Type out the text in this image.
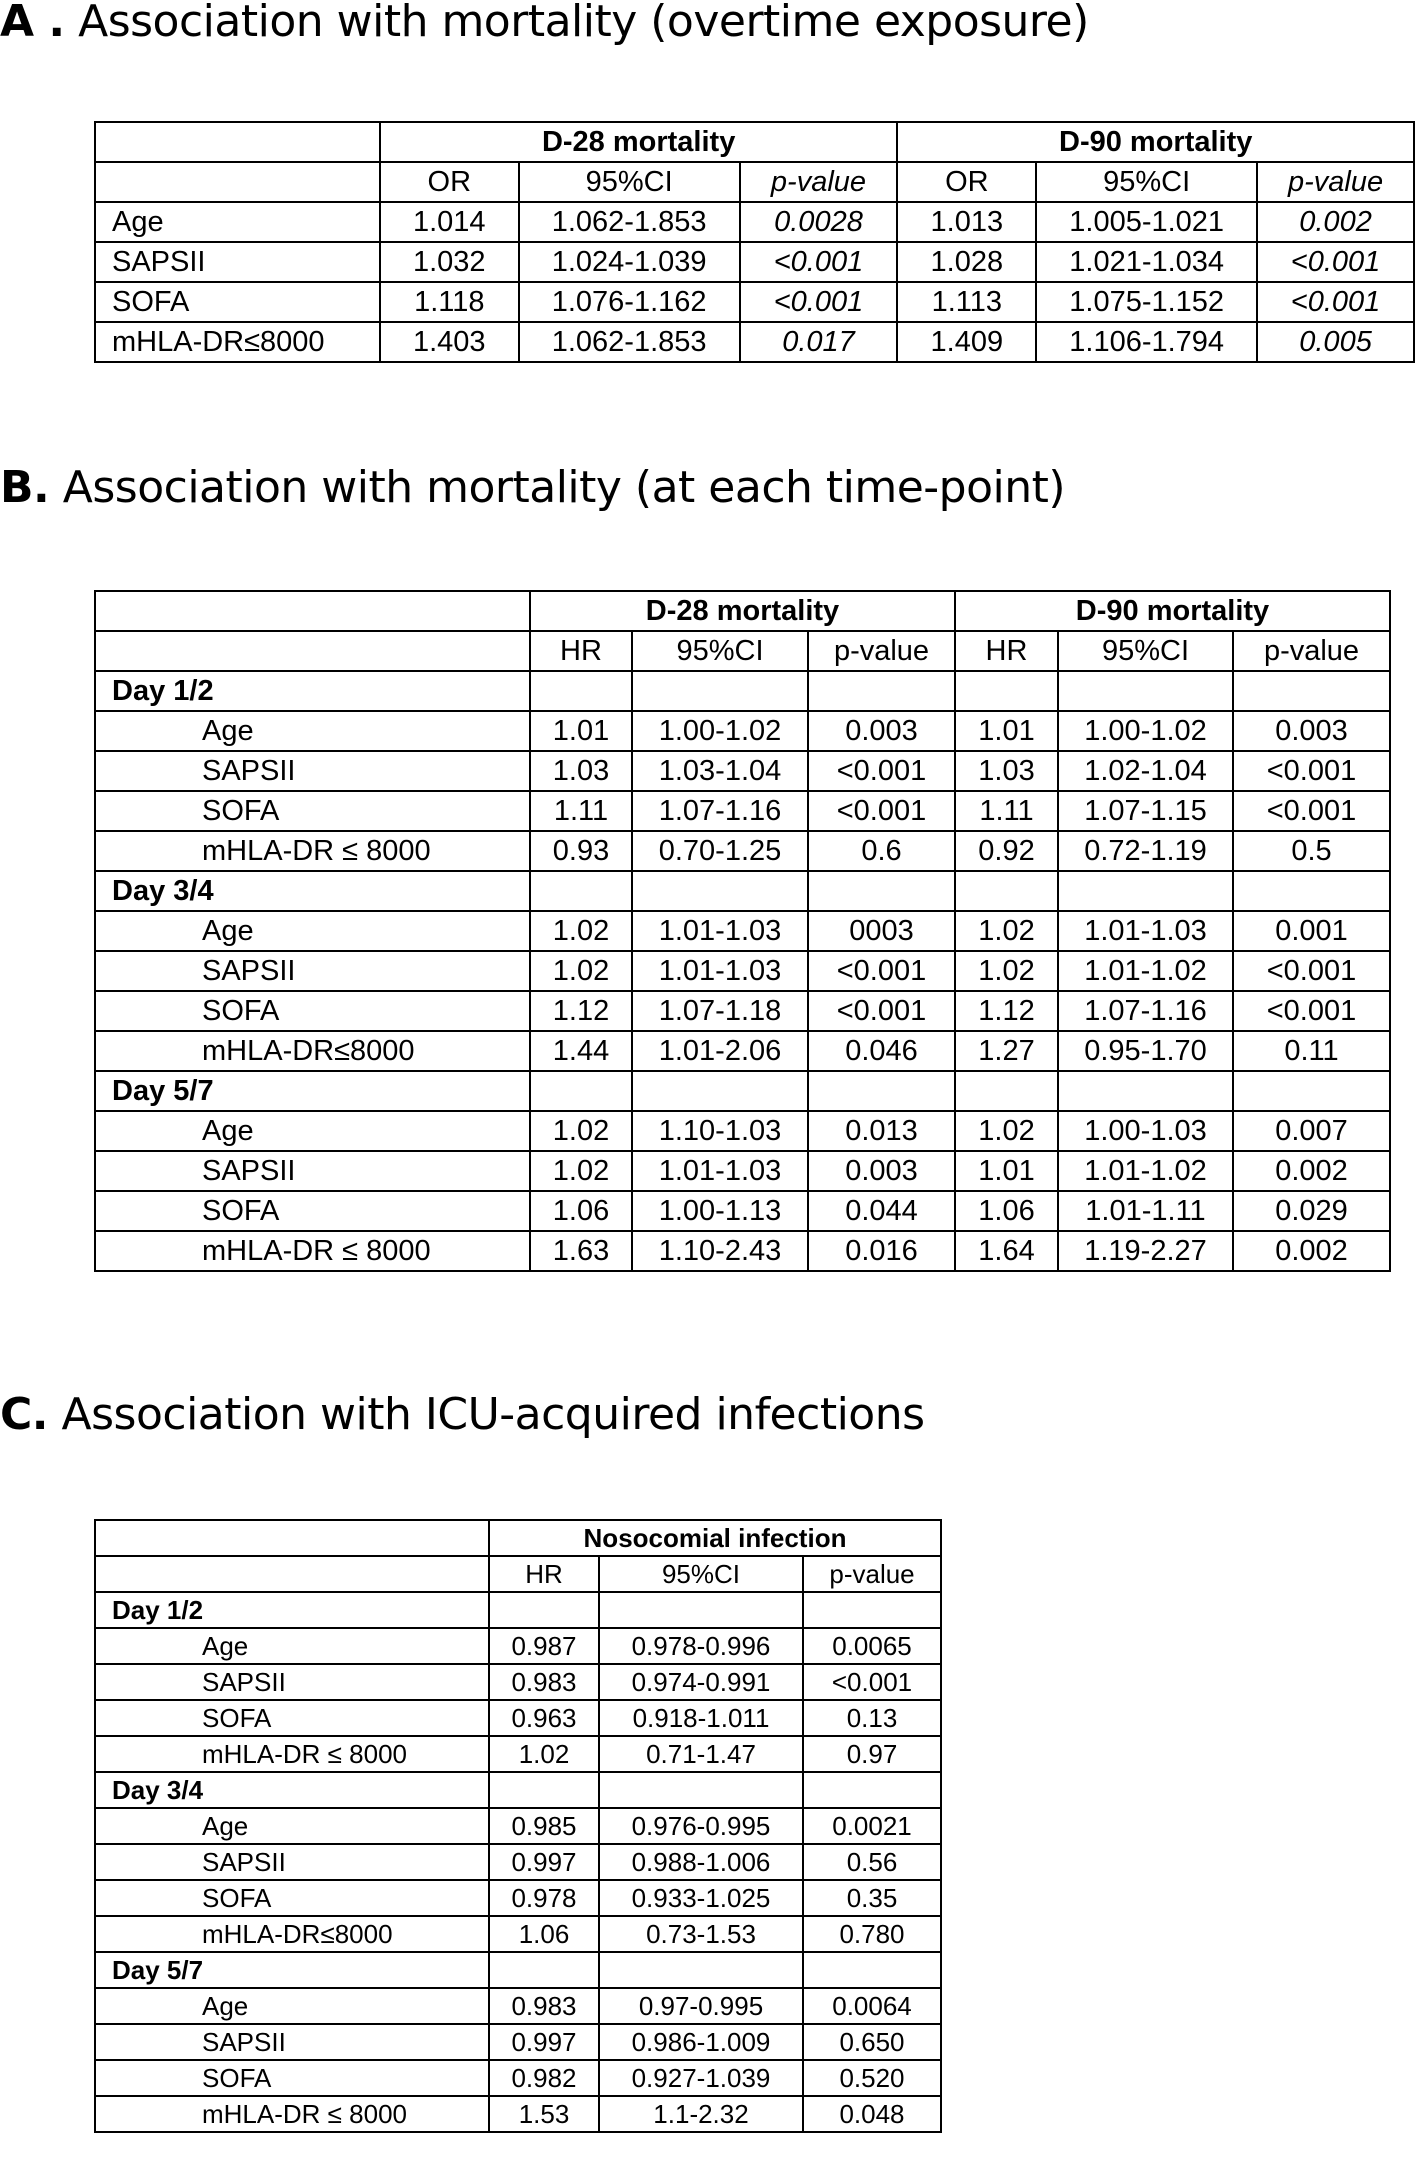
A . Association with mortality (overtime exposure)
	D-28 mortality			D-90 mortality		
	OR	95%CI	p-value	OR	95%CI	p-value
Age	1.014	1.062-1.853	0.0028	1.013	1.005-1.021	0.002
SAPSII	1.032	1.024-1.039	<0.001	1.028	1.021-1.034	<0.001
SOFA	1.118	1.076-1.162	<0.001	1.113	1.075-1.152	<0.001
mHLA-DR≤8000	1.403	1.062-1.853	0.017	1.409	1.106-1.794	0.005
B. Association with mortality (at each time-point)
	D-28 mortality			D-90 mortality		
	HR	95%CI	p-value	HR	95%CI	p-value
Day 1/2						
Age	1.01	1.00-1.02	0.003	1.01	1.00-1.02	0.003
SAPSII	1.03	1.03-1.04	<0.001	1.03	1.02-1.04	<0.001
SOFA	1.11	1.07-1.16	<0.001	1.11	1.07-1.15	<0.001
mHLA-DR ≤ 8000	0.93	0.70-1.25	0.6	0.92	0.72-1.19	0.5
Day 3/4						
Age	1.02	1.01-1.03	0003	1.02	1.01-1.03	0.001
SAPSII	1.02	1.01-1.03	<0.001	1.02	1.01-1.02	<0.001
SOFA	1.12	1.07-1.18	<0.001	1.12	1.07-1.16	<0.001
mHLA-DR≤8000	1.44	1.01-2.06	0.046	1.27	0.95-1.70	0.11
Day 5/7						
Age	1.02	1.10-1.03	0.013	1.02	1.00-1.03	0.007
SAPSII	1.02	1.01-1.03	0.003	1.01	1.01-1.02	0.002
SOFA	1.06	1.00-1.13	0.044	1.06	1.01-1.11	0.029
mHLA-DR ≤ 8000	1.63	1.10-2.43	0.016	1.64	1.19-2.27	0.002
C. Association with ICU-acquired infections
	Nosocomial infection		
	HR	95%CI	p-value
Day 1/2			
Age	0.987	0.978-0.996	0.0065
SAPSII	0.983	0.974-0.991	<0.001
SOFA	0.963	0.918-1.011	0.13
mHLA-DR ≤ 8000	1.02	0.71-1.47	0.97
Day 3/4			
Age	0.985	0.976-0.995	0.0021
SAPSII	0.997	0.988-1.006	0.56
SOFA	0.978	0.933-1.025	0.35
mHLA-DR≤8000	1.06	0.73-1.53	0.780
Day 5/7			
Age	0.983	0.97-0.995	0.0064
SAPSII	0.997	0.986-1.009	0.650
SOFA	0.982	0.927-1.039	0.520
mHLA-DR ≤ 8000	1.53	1.1-2.32	0.048
